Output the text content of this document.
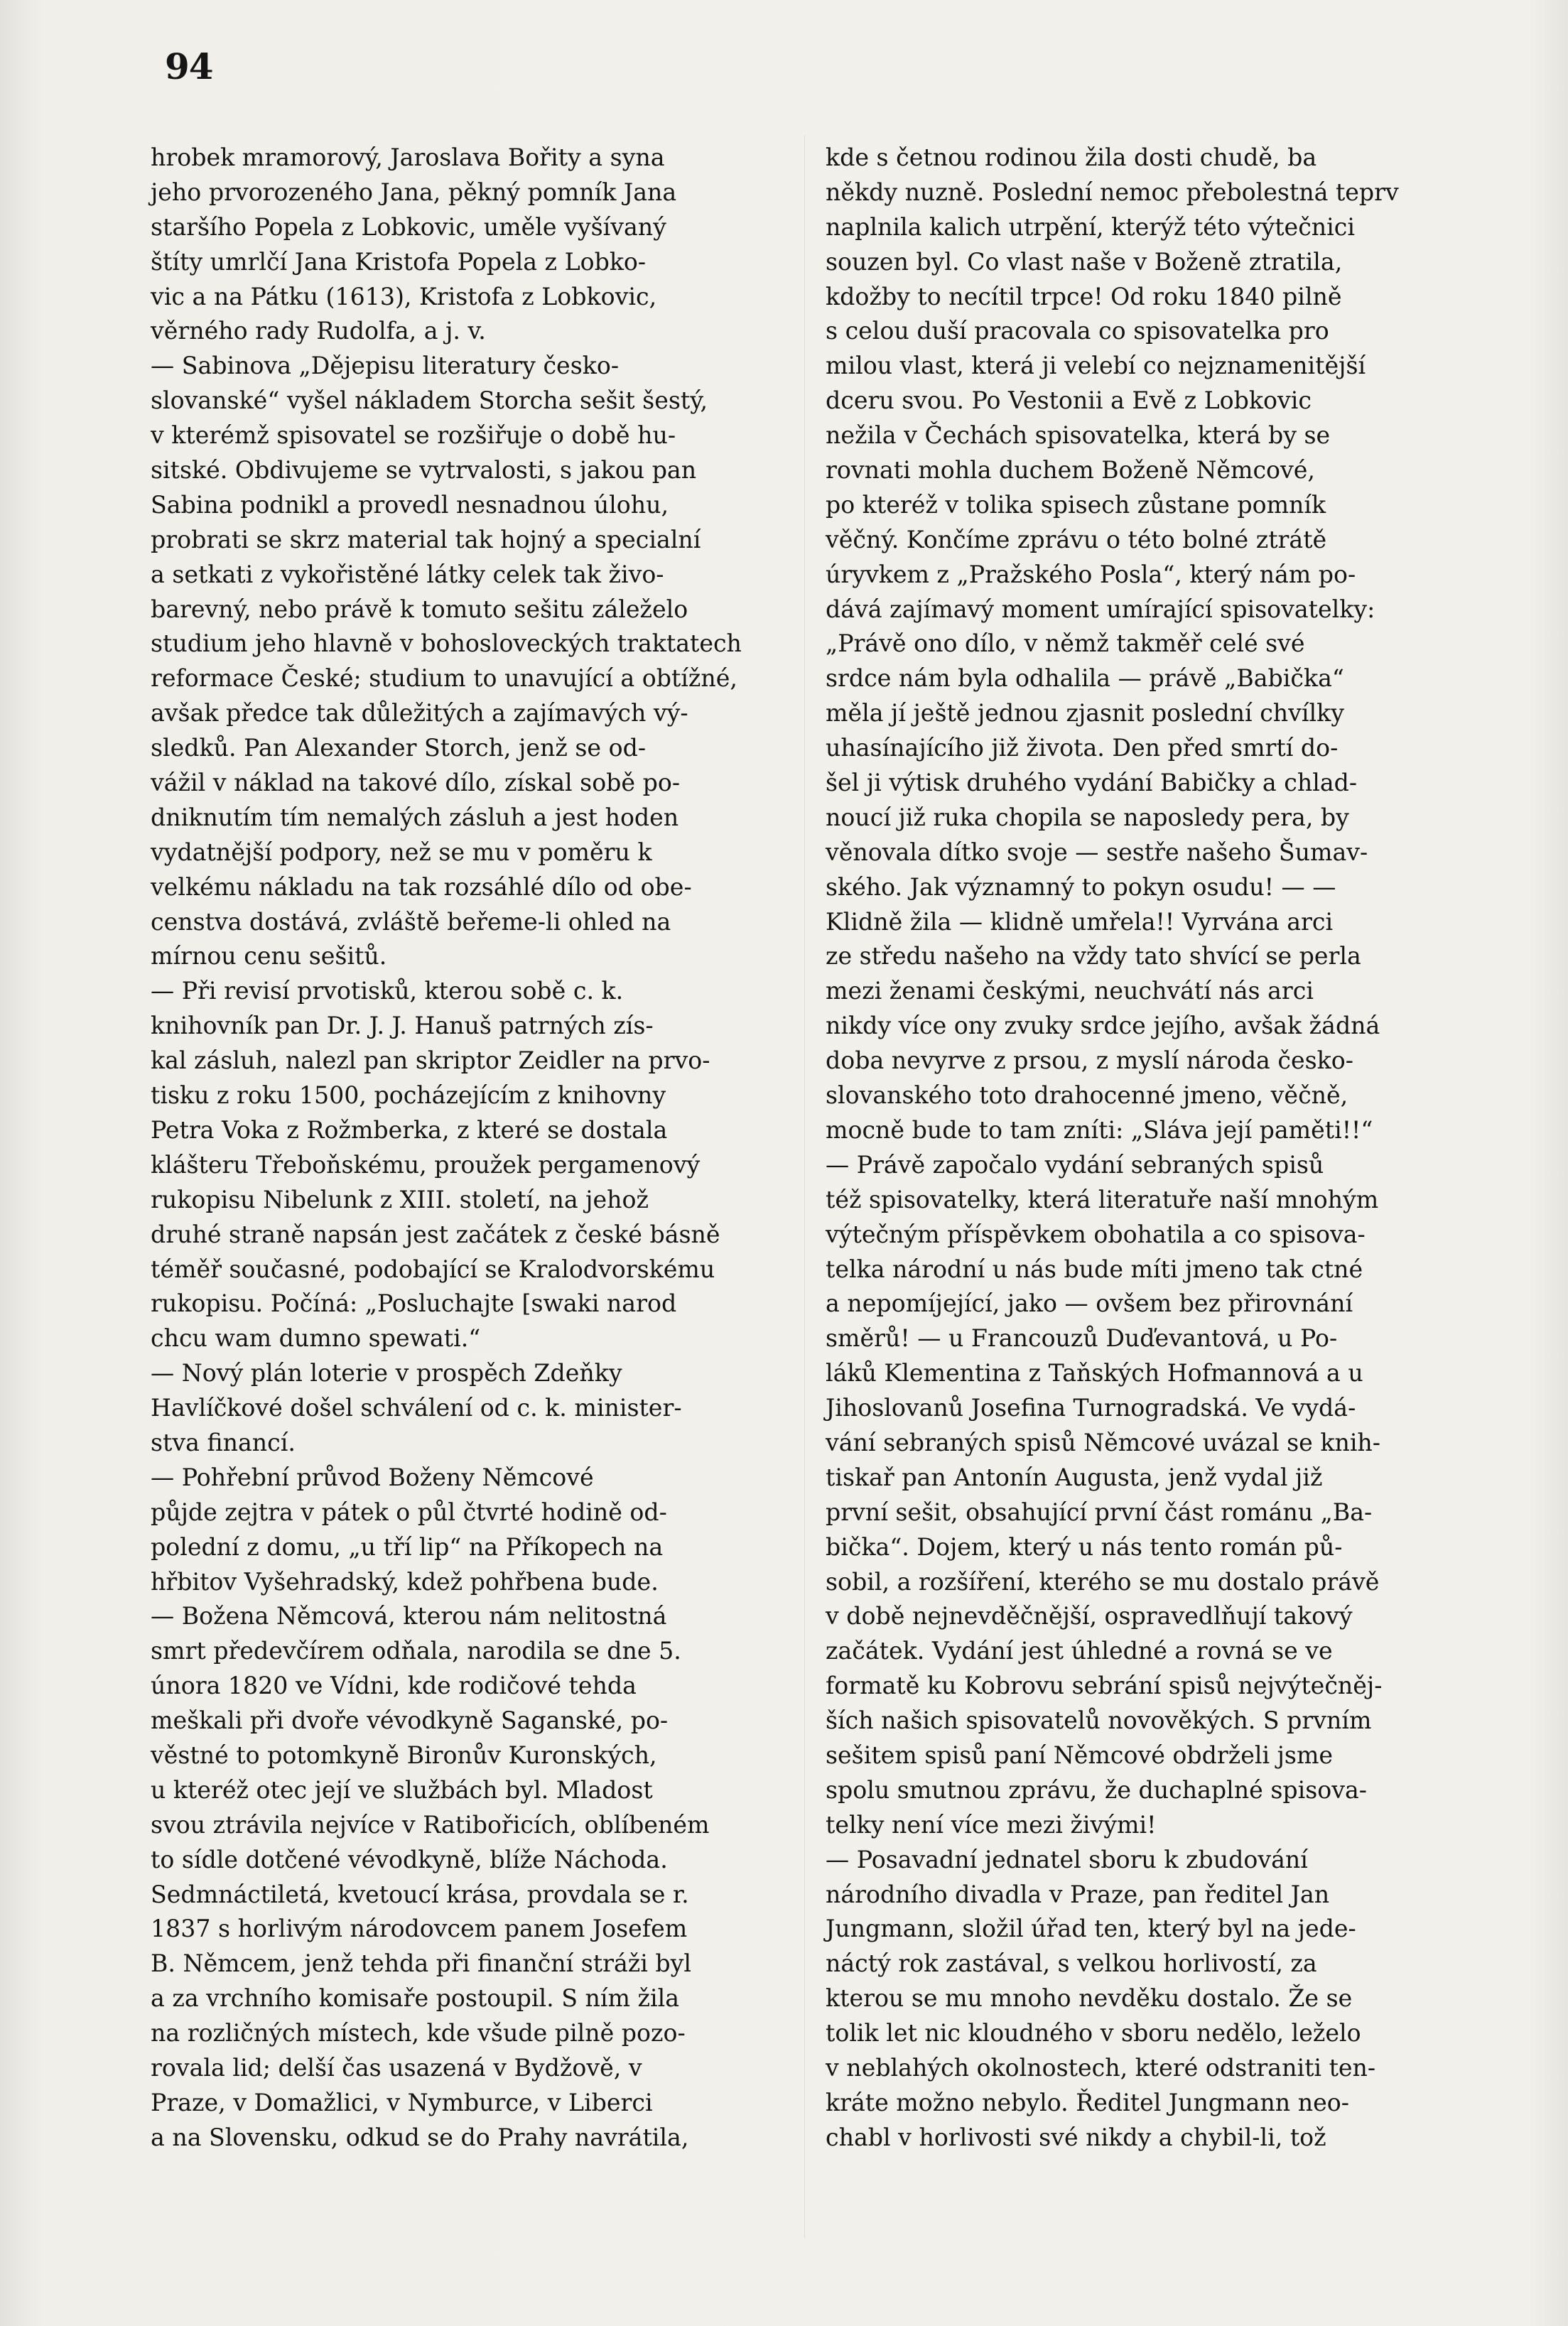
94
hrobek mramorový, Jaroslava Bořity a syna
jeho prvorozeného Jana, pěkný pomník Jana
staršího Popela z Lobkovic, uměle vyšívaný
štíty umrlčí Jana Kristofa Popela z Lobko-
vic a na Pátku (1613), Kristofa z Lobkovic,
věrného rady Rudolfa, a j. v.
— Sabinova „Dějepisu literatury česko-
slovanské“ vyšel nákladem Storcha sešit šestý,
v kterémž spisovatel se rozšiřuje o době hu-
sitské. Obdivujeme se vytrvalosti, s jakou pan
Sabina podnikl a provedl nesnadnou úlohu,
probrati se skrz material tak hojný a specialní
a setkati z vykořistěné látky celek tak živo-
barevný, nebo právě k tomuto sešitu záleželo
studium jeho hlavně v bohosloveckých traktatech
reformace České; studium to unavující a obtížné,
avšak předce tak důležitých a zajímavých vý-
sledků. Pan Alexander Storch, jenž se od-
vážil v náklad na takové dílo, získal sobě po-
dniknutím tím nemalých zásluh a jest hoden
vydatnější podpory, než se mu v poměru k
velkému nákladu na tak rozsáhlé dílo od obe-
censtva dostává, zvláště beřeme-li ohled na
mírnou cenu sešitů.
— Při revisí prvotisků, kterou sobě c. k.
knihovník pan Dr. J. J. Hanuš patrných zís-
kal zásluh, nalezl pan skriptor Zeidler na prvo-
tisku z roku 1500, pocházejícím z knihovny
Petra Voka z Rožmberka, z které se dostala
klášteru Třeboňskému, proužek pergamenový
rukopisu Nibelunk z XIII. století, na jehož
druhé straně napsán jest začátek z české básně
téměř současné, podobající se Kralodvorskému
rukopisu. Počíná: „Posluchajte [swaki narod
chcu wam dumno spewati.“
— Nový plán loterie v prospěch Zdeňky
Havlíčkové došel schválení od c. k. minister-
stva financí.
— Pohřební průvod Boženy Němcové
půjde zejtra v pátek o půl čtvrté hodině od-
polední z domu, „u tří lip“ na Příkopech na
hřbitov Vyšehradský, kdež pohřbena bude.
— Božena Němcová, kterou nám nelitostná
smrt předevčírem odňala, narodila se dne 5.
února 1820 ve Vídni, kde rodičové tehda
meškali při dvoře vévodkyně Saganské, po-
věstné to potomkyně Bironův Kuronských,
u kteréž otec její ve službách byl. Mladost
svou ztrávila nejvíce v Ratibořicích, oblíbeném
to sídle dotčené vévodkyně, blíže Náchoda.
Sedmnáctiletá, kvetoucí krása, provdala se r.
1837 s horlivým národovcem panem Josefem
B. Němcem, jenž tehda při finanční stráži byl
a za vrchního komisaře postoupil. S ním žila
na rozličných místech, kde všude pilně pozo-
rovala lid; delší čas usazená v Bydžově, v
Praze, v Domažlici, v Nymburce, v Liberci
a na Slovensku, odkud se do Prahy navrátila,
kde s četnou rodinou žila dosti chudě, ba
někdy nuzně. Poslední nemoc přebolestná teprv
naplnila kalich utrpění, kterýž této výtečnici
souzen byl. Co vlast naše v Boženě ztratila,
kdožby to necítil trpce! Od roku 1840 pilně
s celou duší pracovala co spisovatelka pro
milou vlast, která ji velebí co nejznamenitější
dceru svou. Po Vestonii a Evě z Lobkovic
nežila v Čechách spisovatelka, která by se
rovnati mohla duchem Boženě Němcové,
po kteréž v tolika spisech zůstane pomník
věčný. Končíme zprávu o této bolné ztrátě
úryvkem z „Pražského Posla“, který nám po-
dává zajímavý moment umírající spisovatelky:
„Právě ono dílo, v němž takměř celé své
srdce nám byla odhalila — právě „Babička“
měla jí ještě jednou zjasnit poslední chvílky
uhasínajícího již života. Den před smrtí do-
šel ji výtisk druhého vydání Babičky a chlad-
noucí již ruka chopila se naposledy pera, by
věnovala dítko svoje — sestře našeho Šumav-
ského. Jak významný to pokyn osudu! — —
Klidně žila — klidně umřela!! Vyrvána arci
ze středu našeho na vždy tato shvící se perla
mezi ženami českými, neuchvátí nás arci
nikdy více ony zvuky srdce jejího, avšak žádná
doba nevyrve z prsou, z myslí národa česko-
slovanského toto drahocenné jmeno, věčně,
mocně bude to tam zníti: „Sláva její paměti!!“
— Právě započalo vydání sebraných spisů
též spisovatelky, která literatuře naší mnohým
výtečným příspěvkem obohatila a co spisova-
telka národní u nás bude míti jmeno tak ctné
a nepomíjející, jako — ovšem bez přirovnání
směrů! — u Francouzů Duďevantová, u Po-
láků Klementina z Taňských Hofmannová a u
Jihoslovanů Josefina Turnogradská. Ve vydá-
vání sebraných spisů Němcové uvázal se knih-
tiskař pan Antonín Augusta, jenž vydal již
první sešit, obsahující první část románu „Ba-
bička“. Dojem, který u nás tento román pů-
sobil, a rozšíření, kterého se mu dostalo právě
v době nejnevděčnější, ospravedlňují takový
začátek. Vydání jest úhledné a rovná se ve
formatě ku Kobrovu sebrání spisů nejvýtečněj-
ších našich spisovatelů novověkých. S prvním
sešitem spisů paní Němcové obdrželi jsme
spolu smutnou zprávu, že duchaplné spisova-
telky není více mezi živými!
— Posavadní jednatel sboru k zbudování
národního divadla v Praze, pan ředitel Jan
Jungmann, složil úřad ten, který byl na jede-
náctý rok zastával, s velkou horlivostí, za
kterou se mu mnoho nevděku dostalo. Že se
tolik let nic kloudného v sboru nedělo, leželo
v neblahých okolnostech, které odstraniti ten-
kráte možno nebylo. Ředitel Jungmann neo-
chabl v horlivosti své nikdy a chybil-li, tož
